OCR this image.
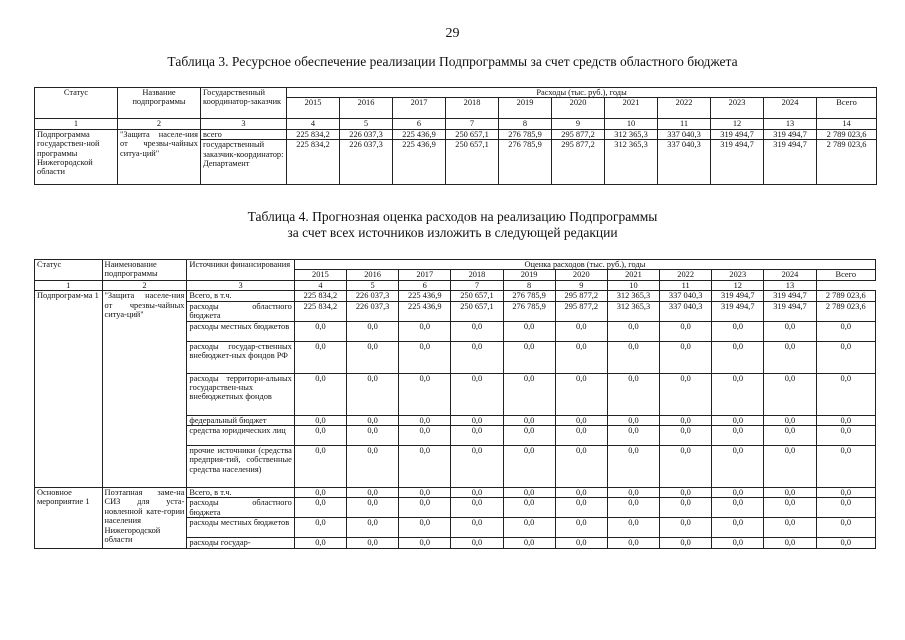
29
Таблица 3. Ресурсное обеспечение реализации Подпрограммы за счет средств областного бюджета
Статус	Название подпрограммы	Государственный координатор-заказчик	Расходы (тыс. руб.), годы										
			2015	2016	2017	2018	2019	2020	2021	2022	2023	2024	Всего
1	2	3	4	5	6	7	8	9	10	11	12	13	14
Подпрограмма государствен-ной программы Нижегородской области	"Защита населе-ния от чрезвы-чайных ситуа-ций"	всего	225 834,2	226 037,3	225 436,9	250 657,1	276 785,9	295 877,2	312 365,3	337 040,3	319 494,7	319 494,7	2 789 023,6
		государственный заказчик-координатор: Департамент	225 834,2	226 037,3	225 436,9	250 657,1	276 785,9	295 877,2	312 365,3	337 040,3	319 494,7	319 494,7	2 789 023,6
Таблица 4. Прогнозная оценка расходов на реализацию Подпрограммы
за счет всех источников изложить в следующей редакции
Статус	Наименование подпрограммы	Источники финансирования	Оценка расходов (тыс. руб.), годы										
			2015	2016	2017	2018	2019	2020	2021	2022	2023	2024	Всего
1	2	3	4	5	6	7	8	9	10	11	12	13	
Подпрограм-ма 1	"Защита населе-ния от чрезвы-чайных ситуа-ций"	Всего, в т.ч.	225 834,2	226 037,3	225 436,9	250 657,1	276 785,9	295 877,2	312 365,3	337 040,3	319 494,7	319 494,7	2 789 023,6
		расходы областного бюджета	225 834,2	226 037,3	225 436,9	250 657,1	276 785,9	295 877,2	312 365,3	337 040,3	319 494,7	319 494,7	2 789 023,6
		расходы местных бюджетов	0,0	0,0	0,0	0,0	0,0	0,0	0,0	0,0	0,0	0,0	0,0
		расходы государ-ственных внебюджет-ных фондов РФ	0,0	0,0	0,0	0,0	0,0	0,0	0,0	0,0	0,0	0,0	0,0
		расходы территори-альных государствен-ных внебюджетных фондов	0,0	0,0	0,0	0,0	0,0	0,0	0,0	0,0	0,0	0,0	0,0
		федеральный бюджет	0,0	0,0	0,0	0,0	0,0	0,0	0,0	0,0	0,0	0,0	0,0
		средства юридических лиц	0,0	0,0	0,0	0,0	0,0	0,0	0,0	0,0	0,0	0,0	0,0
		прочие источники (средства предприя-тий, собственные средства населения)	0,0	0,0	0,0	0,0	0,0	0,0	0,0	0,0	0,0	0,0	0,0
Основное мероприятие 1	Поэтапная заме-на СИЗ для уста-новленной кате-гории населения Нижегородской области	Всего, в т.ч.	0,0	0,0	0,0	0,0	0,0	0,0	0,0	0,0	0,0	0,0	0,0
		расходы областного бюджета	0,0	0,0	0,0	0,0	0,0	0,0	0,0	0,0	0,0	0,0	0,0
		расходы местных бюджетов	0,0	0,0	0,0	0,0	0,0	0,0	0,0	0,0	0,0	0,0	0,0
		расходы государ-	0,0	0,0	0,0	0,0	0,0	0,0	0,0	0,0	0,0	0,0	0,0
